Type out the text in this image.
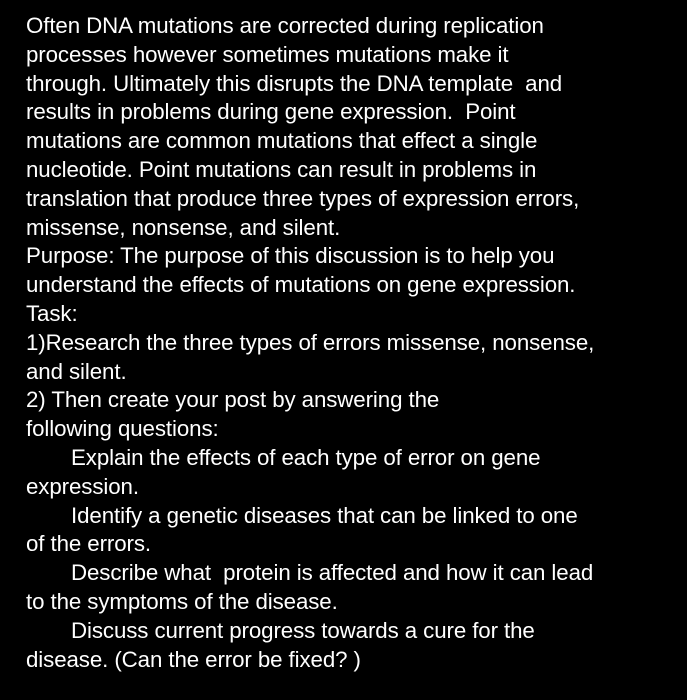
Often DNA mutations are corrected during replication
processes however sometimes mutations make it
through. Ultimately this disrupts the DNA template  and
results in problems during gene expression.  Point
mutations are common mutations that effect a single
nucleotide. Point mutations can result in problems in
translation that produce three types of expression errors,
missense, nonsense, and silent.
Purpose: The purpose of this discussion is to help you
understand the effects of mutations on gene expression.
Task:
1)Research the three types of errors missense, nonsense,
and silent.
2) Then create your post by answering the
following questions:
Explain the effects of each type of error on gene
expression.
Identify a genetic diseases that can be linked to one
of the errors.
Describe what  protein is affected and how it can lead
to the symptoms of the disease.
Discuss current progress towards a cure for the
disease. (Can the error be fixed? )
